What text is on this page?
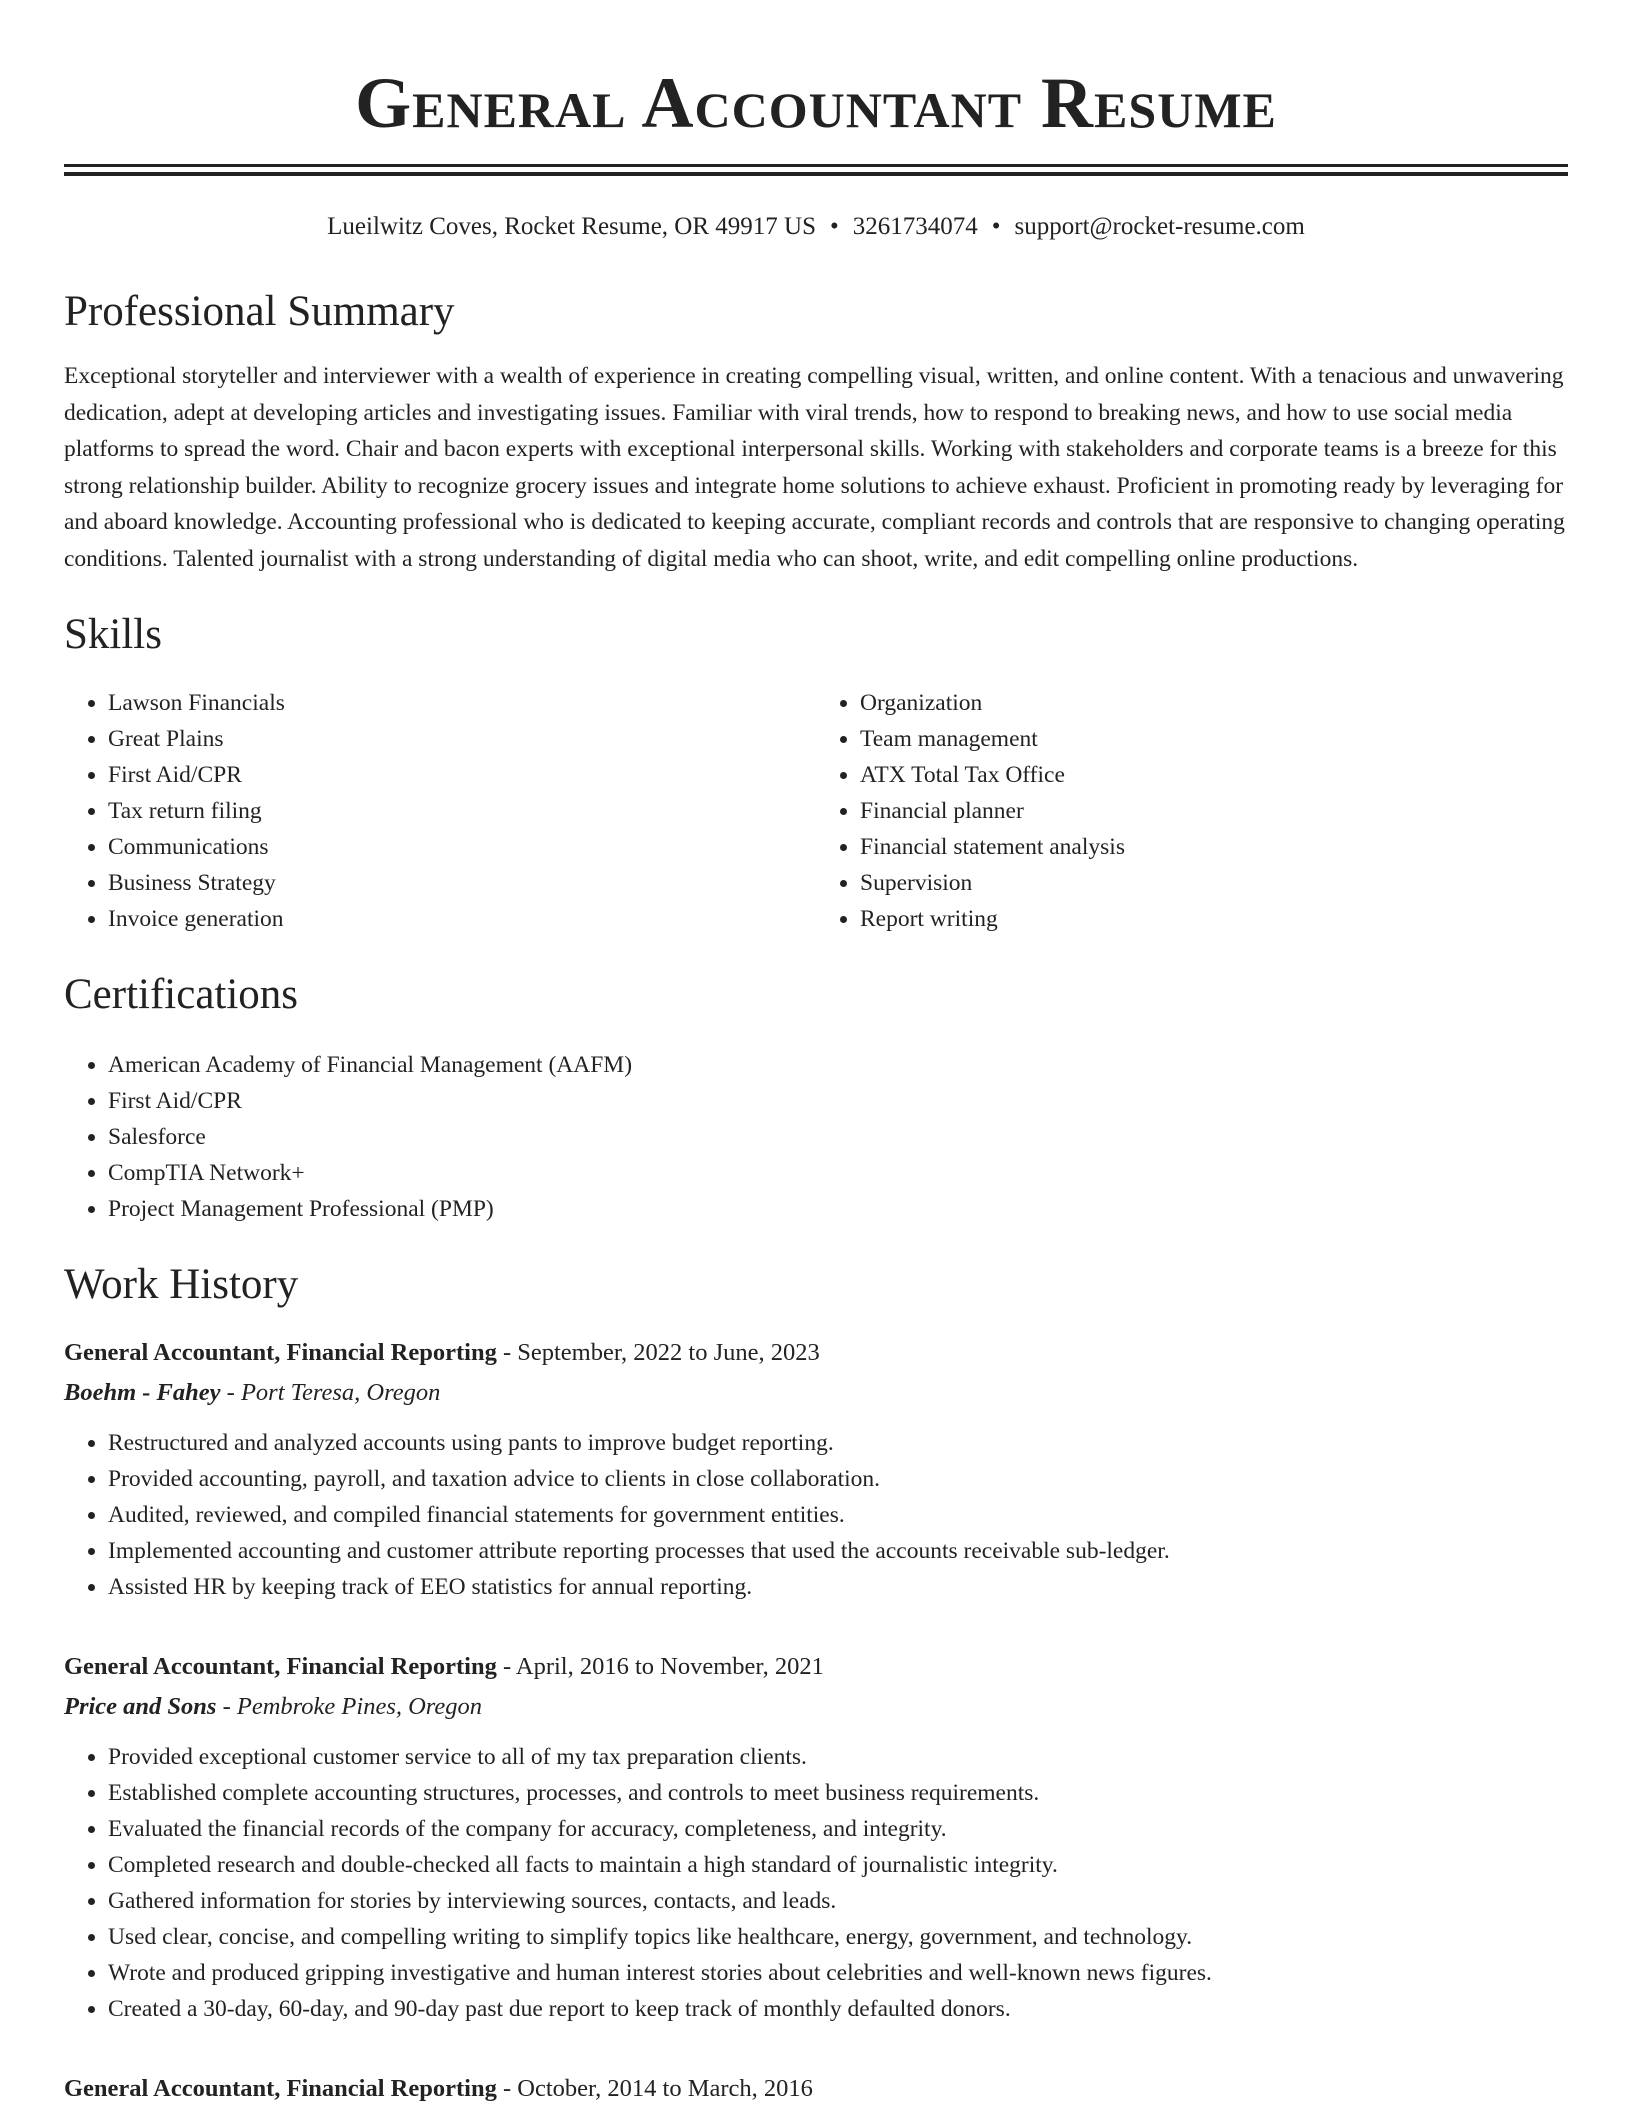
General Accountant Resume
Lueilwitz Coves, Rocket Resume, OR 49917 US • 3261734074 • support@rocket-resume.com
Professional Summary

Exceptional storyteller and interviewer with a wealth of experience in creating compelling visual, written, and online content. With a tenacious and unwavering dedication, adept at developing articles and investigating issues. Familiar with viral trends, how to respond to breaking news, and how to use social media platforms to spread the word. Chair and bacon experts with exceptional interpersonal skills. Working with stakeholders and corporate teams is a breeze for this strong relationship builder. Ability to recognize grocery issues and integrate home solutions to achieve exhaust. Proficient in promoting ready by leveraging for and aboard knowledge. Accounting professional who is dedicated to keeping accurate, compliant records and controls that are responsive to changing operating conditions. Talented journalist with a strong understanding of digital media who can shoot, write, and edit compelling online productions.

Skills
• Lawson Financials
• Great Plains
• First Aid/CPR
• Tax return filing
• Communications
• Business Strategy
• Invoice generation
• Organization
• Team management
• ATX Total Tax Office
• Financial planner
• Financial statement analysis
• Supervision
• Report writing
Certifications
• American Academy of Financial Management (AAFM)
• First Aid/CPR
• Salesforce
• CompTIA Network+
• Project Management Professional (PMP)
Work History
General Accountant, Financial Reporting - September, 2022 to June, 2023
Boehm - Fahey - Port Teresa, Oregon
• Restructured and analyzed accounts using pants to improve budget reporting.
• Provided accounting, payroll, and taxation advice to clients in close collaboration.
• Audited, reviewed, and compiled financial statements for government entities.
• Implemented accounting and customer attribute reporting processes that used the accounts receivable sub-ledger.
• Assisted HR by keeping track of EEO statistics for annual reporting.
General Accountant, Financial Reporting - April, 2016 to November, 2021
Price and Sons - Pembroke Pines, Oregon
• Provided exceptional customer service to all of my tax preparation clients.
• Established complete accounting structures, processes, and controls to meet business requirements.
• Evaluated the financial records of the company for accuracy, completeness, and integrity.
• Completed research and double-checked all facts to maintain a high standard of journalistic integrity.
• Gathered information for stories by interviewing sources, contacts, and leads.
• Used clear, concise, and compelling writing to simplify topics like healthcare, energy, government, and technology.
• Wrote and produced gripping investigative and human interest stories about celebrities and well-known news figures.
• Created a 30-day, 60-day, and 90-day past due report to keep track of monthly defaulted donors.
General Accountant, Financial Reporting - October, 2014 to March, 2016
